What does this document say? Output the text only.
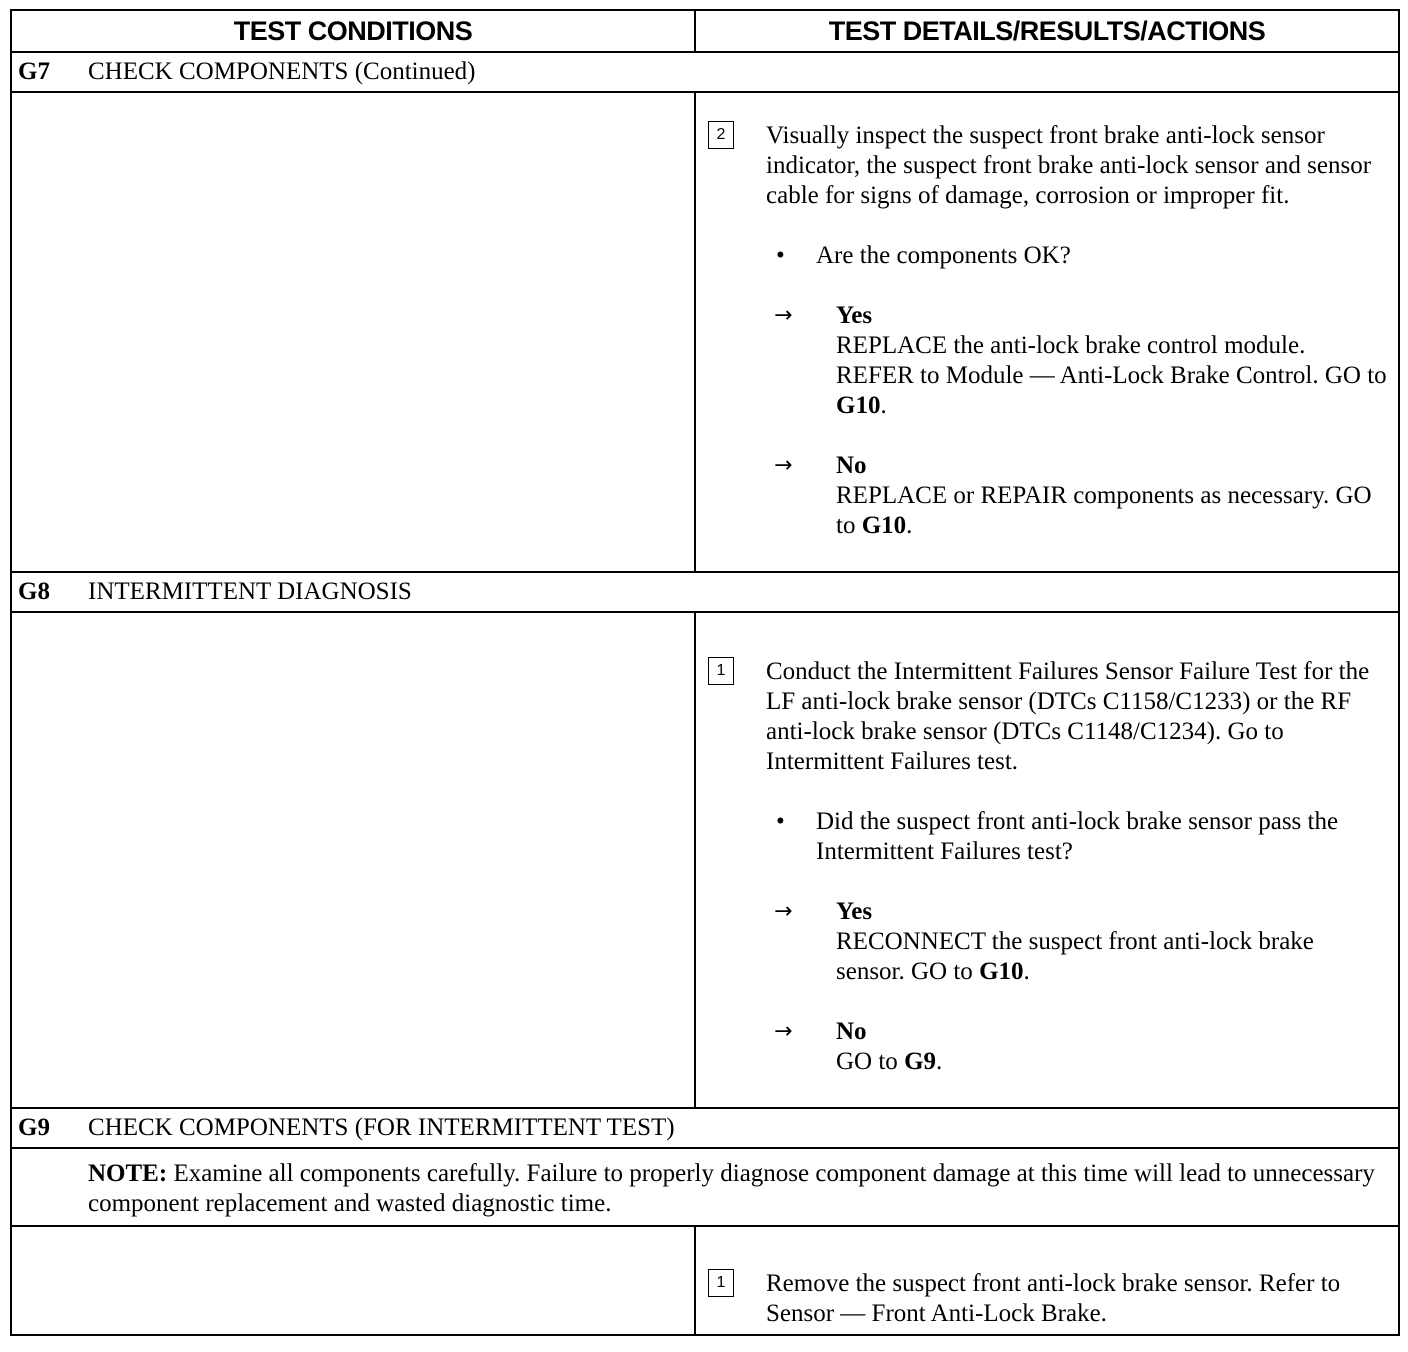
TEST CONDITIONS	TEST DETAILS/RESULTS/ACTIONS
G7	CHECK COMPONENTS (Continued)
2	Visually inspect the suspect front brake anti-lock sensor indicator, the suspect front brake anti-lock sensor and sensor cable for signs of damage, corrosion or improper fit.
• Are the components OK?
→ Yes
REPLACE the anti-lock brake control module. REFER to Module — Anti-Lock Brake Control. GO to G10.
→ No
REPLACE or REPAIR components as necessary. GO to G10.
G8	INTERMITTENT DIAGNOSIS
1	Conduct the Intermittent Failures Sensor Failure Test for the LF anti-lock brake sensor (DTCs C1158/C1233) or the RF anti-lock brake sensor (DTCs C1148/C1234). Go to Intermittent Failures test.
• Did the suspect front anti-lock brake sensor pass the Intermittent Failures test?
→ Yes
RECONNECT the suspect front anti-lock brake sensor. GO to G10.
→ No
GO to G9.
G9	CHECK COMPONENTS (FOR INTERMITTENT TEST)
NOTE: Examine all components carefully. Failure to properly diagnose component damage at this time will lead to unnecessary component replacement and wasted diagnostic time.
1	Remove the suspect front anti-lock brake sensor. Refer to Sensor — Front Anti-Lock Brake.
